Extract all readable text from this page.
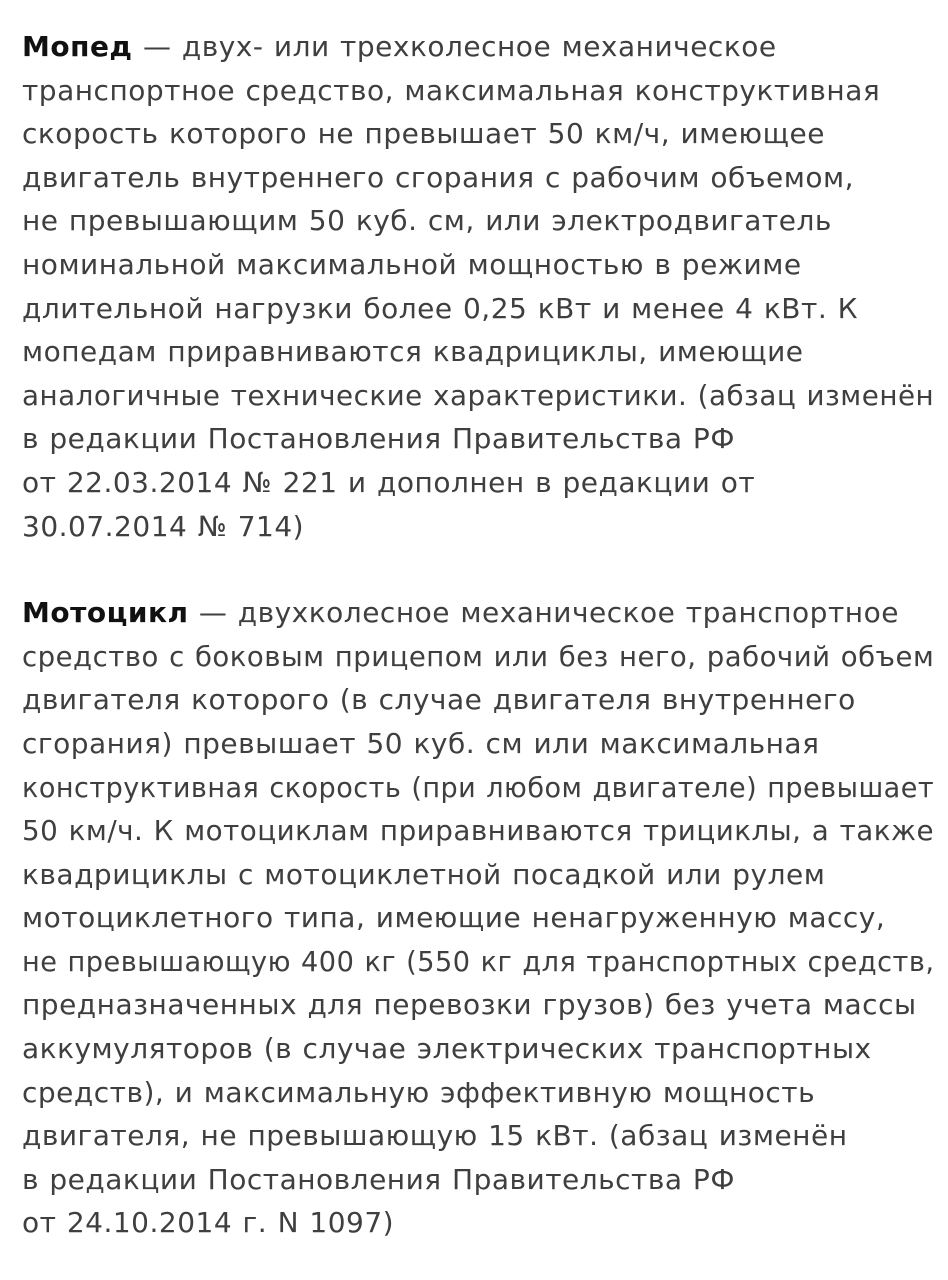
Мопед — двух- или трехколесное механическое
транспортное средство, максимальная конструктивная
скорость которого не превышает 50 км/ч, имеющее
двигатель внутреннего сгорания с рабочим объемом,
не превышающим 50 куб. см, или электродвигатель
номинальной максимальной мощностью в режиме
длительной нагрузки более 0,25 кВт и менее 4 кВт. К
мопедам приравниваются квадрициклы, имеющие
аналогичные технические характеристики. (абзац изменён
в редакции Постановления Правительства РФ
от 22.03.2014 № 221 и дополнен в редакции от
30.07.2014 № 714)
Мотоцикл — двухколесное механическое транспортное
средство с боковым прицепом или без него, рабочий объем
двигателя которого (в случае двигателя внутреннего
сгорания) превышает 50 куб. см или максимальная
конструктивная скорость (при любом двигателе) превышает
50 км/ч. К мотоциклам приравниваются трициклы, а также
квадрициклы с мотоциклетной посадкой или рулем
мотоциклетного типа, имеющие ненагруженную массу,
не превышающую 400 кг (550 кг для транспортных средств,
предназначенных для перевозки грузов) без учета массы
аккумуляторов (в случае электрических транспортных
средств), и максимальную эффективную мощность
двигателя, не превышающую 15 кВт. (абзац изменён
в редакции Постановления Правительства РФ
от 24.10.2014 г. N 1097)
